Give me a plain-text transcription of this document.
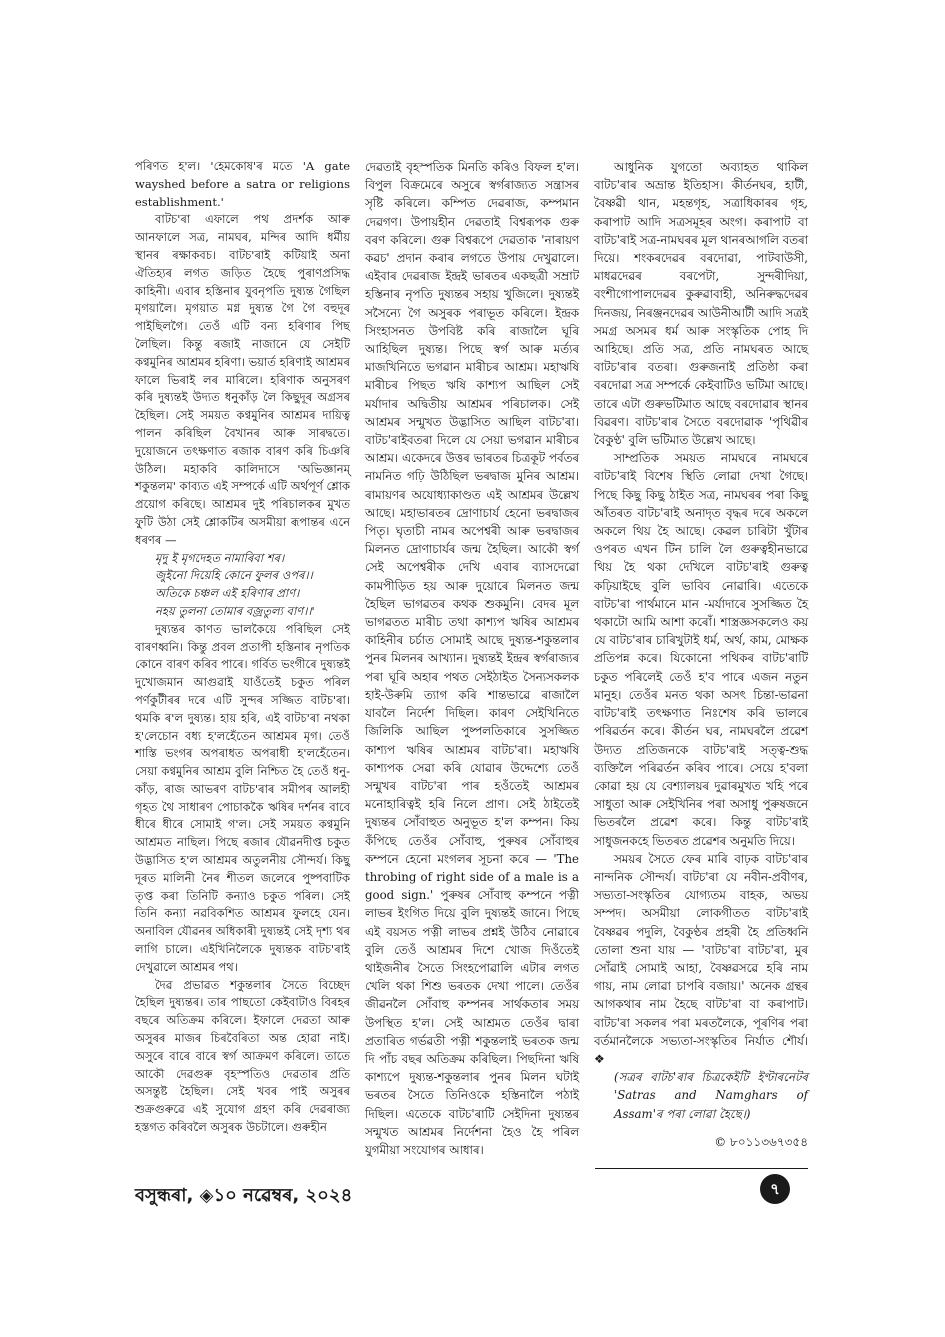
পৰিণত হ'ল। 'হেমকোষ'ৰ মতে 'A gate wayshed before a satra or religions establishment.'

বাটচ'ৰা এফালে পথ প্ৰদৰ্শক আৰু আনফালে সত্ৰ, নামঘৰ, মন্দিৰ আদি ধৰ্মীয় স্থানৰ ৰক্ষাকবচ। বাটচ'ৰাই কটিয়াই অনা ঐতিহ্যৰ লগত জড়িত হৈছে পুৰাণপ্ৰসিদ্ধ কাহিনী। এবাৰ হস্তিনাৰ যুবনৃপতি দুষ্যন্ত গৈছিল মৃগয়ালৈ। মৃগয়াত মগ্ন দুষ্যন্ত গৈ গৈ বহুদূৰ পাইছিলগৈ। তেওঁ এটি বন্য হৰিণাৰ পিছ লৈছিল। কিন্তু ৰজাই নাজানে যে সেইটি কণ্বমুনিৰ আশ্ৰমৰ হৰিণা। ভয়াৰ্ত হৰিণাই আশ্ৰমৰ ফালে ভিৰাই লৰ মাৰিলে। হৰিণাক অনুসৰণ কৰি দুষ্যন্তই উদ্যত ধনুকাঁড় লৈ কিছুদূৰ অগ্ৰসৰ হৈছিল। সেই সময়ত কণ্বমুনিৰ আশ্ৰমৰ দায়িত্ব পালন কৰিছিল বৈখানৰ আৰু সাৰদ্বতে। দুয়োজনে তৎক্ষণাত ৰজাক বাৰণ কৰি চিঞৰি উঠিল। মহাকবি কালিদাসে 'অভিজ্ঞানম্ শকুন্তলম' কাব্যত এই সম্পৰ্কে এটি অৰ্থপূৰ্ণ শ্লোক প্ৰয়োগ কৰিছে। আশ্ৰমৰ দুই পৰিচালকৰ মুখত ফুটি উঠা সেই শ্লোকটিৰ অসমীয়া ৰূপান্তৰ এনে ধৰণৰ —

মৃদু ই মৃগদেহত নামাৰিবা শৰ।
জুইনো দিয়েহি কোনে ফুলৰ ওপৰ।।
অতিকে চঞ্চল এই হৰিণাৰ প্ৰাণ।
নহয় তুলনা তোমাৰ বজ্ৰতুল্য বাণ।।'

দুষ্যন্তৰ কাণত ভালকৈয়ে পৰিছিল সেই বাৰণধ্বনি। কিন্তু প্ৰবল প্ৰতাপী হস্তিনাৰ নৃপতিক কোনে বাৰণ কৰিব পাৰে। গৰ্বিত ভংগীৰে দুষ্যন্তই দুখোজমান আগুৱাই যাওঁতেই চকুত পৰিল পৰ্ণকুটীৰৰ দৰে এটি সুন্দৰ সজ্জিত বাটচ'ৰা। থমকি ৰ'ল দুষ্যন্ত। হায় হৰি, এই বাটচ'ৰা নথকা হ'লেচোন বধ্য হ'লহেঁতেন আশ্ৰমৰ মৃগ। তেওঁ শাস্তি ভংগৰ অপৰাধত অপৰাধী হ'লহেঁতেন। সেয়া কণ্বমুনিৰ আশ্ৰম বুলি নিশ্চিত হৈ তেওঁ ধনু-কাঁড়, ৰাজ আভৰণ বাটচ'ৰাৰ সমীপৰ আলহী গৃহত থৈ সাধাৰণ পোচাককৈ ঋষিৰ দৰ্শনৰ বাবে ধীৰে ধীৰে সোমাই গ'ল। সেই সময়ত কণ্বমুনি আশ্ৰমত নাছিল। পিছে ৰজাৰ যৌৱনদীপ্ত চকুত উদ্ভাসিত হ'ল আশ্ৰমৰ অতুলনীয় সৌন্দৰ্য। কিছু দূৰত মালিনী নৈৰ শীতল জলেৰে পুষ্পবাটিক তৃপ্ত কৰা তিনিটি কন্যাও চকুত পৰিল। সেই তিনি কন্যা নৱবিকশিত আশ্ৰমৰ ফুলহে যেন। অনাবিল যৌৱনৰ অধিকাৰী দুষ্যন্তই সেই দৃশ্য থৰ লাগি চালে। এইখিনিলৈকে দুষ্যন্তক বাটচ'ৰাই দেখুৱালে আশ্ৰমৰ পথ।

দৈৱ প্ৰভাৱত শকুন্তলাৰ সৈতে বিচ্ছেদ হৈছিল দুষ্যন্তৰ। তাৰ পাছতো কেইবাটাও বিৰহৰ বছৰে অতিক্ৰম কৰিলে। ইফালে দেৱতা আৰু অসুৰৰ মাজৰ চিৰবৈৰিতা অন্ত হোৱা নাই। অসুৰে বাৰে বাৰে স্বৰ্গ আক্ৰমণ কৰিলে। তাতে আকৌ দেৱগুৰু বৃহস্পতিও দেৱতাৰ প্ৰতি অসন্তুষ্ট হৈছিল। সেই খবৰ পাই অসুৰৰ শুক্ৰগুৰুৱে এই সুযোগ গ্ৰহণ কৰি দেৱৰাজ্য হস্তগত কৰিবলৈ অসুৰক উচটালে। গুৰুহীন

দেৱতাই বৃহস্পতিক মিনতি কৰিও বিফল হ'ল। বিপুল বিক্ৰমেৰে অসুৰে স্বৰ্গৰাজ্যত সন্ত্ৰাসৰ সৃষ্টি কৰিলে। কম্পিত দেৱৰাজ, কম্পমান দেৱগণ। উপায়হীন দেৱতাই বিশ্বৰূপক গুৰু বৰণ কৰিলে। গুৰু বিশ্বৰূপে দেৱতাক 'নাৰায়ণ কৱচ' প্ৰদান কৰাৰ লগতে উপায় দেখুৱালে। এইবাৰ দেৱৰাজ ইন্দ্ৰই ভাৰতৰ একছত্ৰী সম্ৰাট হস্তিনাৰ নৃপতি দুষ্যন্তৰ সহায় খুজিলে। দুষ্যন্তই সসৈন্যে গৈ অসুৰক পৰাভূত কৰিলে। ইন্দ্ৰক সিংহাসনত উপবিষ্ট কৰি ৰাজালৈ ঘূৰি আহিছিল দুষ্যন্ত। পিছে স্বৰ্গ আৰু মৰ্ত্যৰ মাজখিনিতে ভগৱান মাৰীচৰ আশ্ৰম। মহাঋষি মাৰীচৰ পিছত ঋষি কাশ্যপ আছিল সেই মৰ্যাদাৰ অদ্বিতীয় আশ্ৰমৰ পৰিচালক। সেই আশ্ৰমৰ সন্মুখত উদ্ভাসিত আছিল বাটচ'ৰা। বাটচ'ৰাইবতৰা দিলে যে সেয়া ভগৱান মাৰীচৰ আশ্ৰম। একেদৰে উত্তৰ ভাৰতৰ চিত্ৰকূট পৰ্বতৰ নামনিত গঢ়ি উঠিছিল ভৰদ্বাজ মুনিৰ আশ্ৰম। ৰামায়ণৰ অযোধ্যাকাণ্ডত এই আশ্ৰমৰ উল্লেখ আছে। মহাভাৰতৰ দ্ৰোণাচাৰ্য হেনো ভৰদ্বাজৰ পিতৃ। ঘৃতাচী নামৰ অপেশ্বৰী আৰু ভৰদ্বাজৰ মিলনত দ্ৰোণাচাৰ্যৰ জন্ম হৈছিল। আকৌ স্বৰ্গ সেই অপেশ্বৰীক দেখি এবাৰ ব্যাসদেৱো কামপীড়িত হয় আৰু দুয়োৰে মিলনত জন্ম হৈছিল ভাগৱতৰ কথক শুকমুনি। বেদৰ মূল ভাগৱতত মাৰীচ তথা কাশ্যপ ঋষিৰ আশ্ৰমৰ কাহিনীৰ চৰ্চাত সোমাই আছে দুষ্যন্ত-শকুন্তলাৰ পুনৰ মিলনৰ আখ্যান। দুষ্যন্তই ইন্দ্ৰৰ স্বৰ্গৰাজ্যৰ পৰা ঘূৰি অহাৰ পথত সেইঠাইত সৈন্যসকলক হাই-উৰুমি ত্যাগ কৰি শান্তভাৱে ৰাজালৈ যাবলৈ নিৰ্দেশ দিছিল। কাৰণ সেইখিনিতে জিলিকি আছিল পুষ্পলতিকাৰে সুসজ্জিত কাশ্যপ ঋষিৰ আশ্ৰমৰ বাটচ'ৰা। মহাঋষি কাশ্যপক সেৱা কৰি যোৱাৰ উদ্দেশ্যে তেওঁ সন্মুখৰ বাটচ'ৰা পাৰ হওঁতেই আশ্ৰমৰ মনোহাৰিত্বই হৰি নিলে প্ৰাণ। সেই ঠাইতেই দুষ্যন্তৰ সোঁবাহুত অনুভূত হ'ল কম্পন। কিয় কঁপিছে তেওঁৰ সোঁবাহু, পুৰুষৰ সোঁবাহুৰ কম্পনে হেনো মংগলৰ সূচনা কৰে — 'The throbing of right side of a male is a good sign.' পুৰুষৰ সোঁবাহু কম্পনে পত্নী লাভৰ ইংগিত দিয়ে বুলি দুষ্যন্তই জানে। পিছে এই বয়সত পত্নী লাভৰ প্ৰশ্নই উঠিব নোৱাৰে বুলি তেওঁ আশ্ৰমৰ দিশে খোজ দিওঁতেই থাইজনীৰ সৈতে সিংহপোৱালি এটাৰ লগত খেলি থকা শিশু ভৰতক দেখা পালে। তেওঁৰ জীৱনলৈ সোঁবাহু কম্পনৰ সাৰ্থকতাৰ সময় উপস্থিত হ'ল। সেই আশ্ৰমত তেওঁৰ দ্বাৰা প্ৰতাৰিত গৰ্ভৱতী পত্নী শকুন্তলাই ভৰতক জন্ম দি পাঁচ বছৰ অতিক্ৰম কৰিছিল। পিছদিনা ঋষি কাশ্যপে দুষ্যন্ত-শকুন্তলাৰ পুনৰ মিলন ঘটাই ভৰতৰ সৈতে তিনিওকে হস্তিনালৈ পঠাই দিছিল। এতেকে বাটচ'ৰাটি সেইদিনা দুষ্যন্তৰ সন্মুখত আশ্ৰমৰ নিৰ্দেশনা হৈও হৈ পৰিল যুগমীয়া সংযোগৰ আধাৰ।

আধুনিক যুগতো অব্যাহত থাকিল বাটচ'ৰাৰ অভ্ৰান্ত ইতিহাস। কীৰ্তনঘৰ, হাটী, বৈষ্ণৱী থান, মহন্তগৃহ, সত্ৰাধিকাৰৰ গৃহ, কৰাপাট আদি সত্ৰসমূহৰ অংগ। কৰাপাট বা বাটচ'ৰাই সত্ৰ-নামঘৰৰ মূল থানৰআগলি বতৰা দিয়ে। শংকৰদেৱৰ বৰদোৱা, পাটবাউসী, মাধৱদেৱৰ বৰপেটা, সুন্দৰীদিয়া, বংশীগোপালদেৱৰ কুৰুৱাবাহী, অনিৰুদ্ধদেৱৰ দিনজয়, নিৰঞ্জনদেৱৰ আউনীআটী আদি সত্ৰই সমগ্ৰ অসমৰ ধৰ্ম আৰু সংস্কৃতিক পোহ দি আহিছে। প্ৰতি সত্ৰ, প্ৰতি নামঘৰত আছে বাটচ'ৰাৰ বতৰা। গুৰুজনাই প্ৰতিষ্ঠা কৰা বৰদোৱা সত্ৰ সম্পৰ্কে কেইবাটিও ভটিমা আছে। তাৰে এটা গুৰুভটিমাত আছে বৰদোৱাৰ স্থানৰ বিৱৰণ। বাটচ'ৰাৰ সৈতে বৰদোৱাক 'পৃথিৱীৰ বৈকুণ্ঠ' বুলি ভটিমাত উল্লেখ আছে।

সাম্প্ৰতিক সময়ত নামঘৰে নামঘৰে বাটচ'ৰাই বিশেষ স্থিতি লোৱা দেখা গৈছে। পিছে কিছু কিছু ঠাইত সত্ৰ, নামঘৰৰ পৰা কিছু আঁতৰত বাটচ'ৰাই অনাদৃত বৃদ্ধৰ দৰে অকলে অকলে থিয় হৈ আছে। কেৱল চাৰিটা খুঁটাৰ ওপৰত এখন টিন চালি লৈ গুৰুত্বহীনভাৱে থিয় হৈ থকা দেখিলে বাটচ'ৰাই গুৰুত্ব কঢ়িয়াইছে বুলি ভাবিব নোৱাৰি। এতেকে বাটচ'ৰা পাৰ্থমানে মান -মৰ্যাদাৰে সুসজ্জিত হৈ থকাটো আমি আশা কৰোঁ। শাস্ত্ৰজ্ঞসকলেও কয় যে বাটচ'ৰাৰ চাৰিখুটাই ধৰ্ম, অৰ্থ, কাম, মোক্ষক প্ৰতিপন্ন কৰে। যিকোনো পথিকৰ বাটচ'ৰাটি চকুত পৰিলেই তেওঁ হ'ব পাৰে এজন নতুন মানুহ। তেওঁৰ মনত থকা অসৎ চিন্তা-ভাৱনা বাটচ'ৰাই তৎক্ষণাত নিঃশেষ কৰি ভালৰে পৰিৱৰ্তন কৰে। কীৰ্তন ঘৰ, নামঘৰলৈ প্ৰৱেশ উদ্যত প্ৰতিজনকে বাটচ'ৰাই সত্ত্ব-শুদ্ধ ব্যক্তিলৈ পৰিৱৰ্তন কৰিব পাৰে। সেয়ে হ'বলা কোৱা হয় যে বেশ্যালয়ৰ দুৱাৰমুখত খহি পৰে সাধুতা আৰু সেইখিনিৰ পৰা অসাধু পুৰুষজনে ভিতৰলৈ প্ৰৱেশ কৰে। কিন্তু বাটচ'ৰাই সাধুজনকহে ভিতৰত প্ৰৱেশৰ অনুমতি দিয়ে।

সময়ৰ সৈতে ফেৰ মাৰি বাঢ়ক বাটচ'ৰাৰ নান্দনিক সৌন্দৰ্য। বাটচ'ৰা যে নবীন-প্ৰবীণৰ, সভ্যতা-সংস্কৃতিৰ যোগ্যতম বাহক, অভয় সম্পদ। অসমীয়া লোকগীতত বাটচ'ৰাই বৈষ্ণৱৰ পদুলি, বৈকুণ্ঠৰ প্ৰহৰী হৈ প্ৰতিধ্বনি তোলা শুনা যায় — 'বাটচ'ৰা বাটচ'ৰা, মুৰ সোঁৱাই সোমাই আহা, বৈষ্ণৱসৱে হৰি নাম গায়, নাম লোৱা চাপৰি বজায়।' অনেক গ্ৰন্থৰ আগকথাৰ নাম হৈছে বাটচ'ৰা বা কৰাপাট। বাটচ'ৰা সকলৰ পৰা মৰতলৈকে, পূৰণিৰ পৰা বৰ্তমানলৈকে সভ্যতা-সংস্কৃতিৰ নিৰ্যাত শৌৰ্য। ❖

(সত্ৰৰ বাটচ'ৰাৰ চিত্ৰকেইটি ইণ্টাৰনেটৰ 'Satras and Namghars of Assam'ৰ পৰা লোৱা হৈছে।)

© ৮০১১৩৬৭৩৫৪
বসুন্ধৰা, ◈১০ নৱেম্বৰ, ২০২৪	৭
